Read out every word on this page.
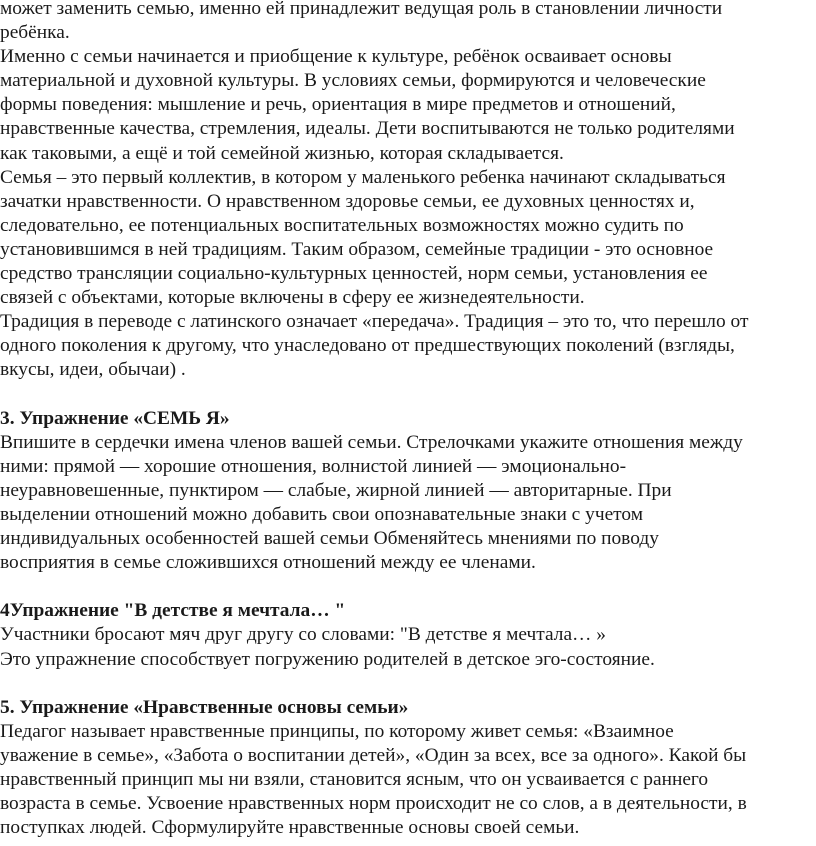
может заменить семью, именно ей принадлежит ведущая роль в становлении личности
ребёнка.
Именно с семьи начинается и приобщение к культуре, ребёнок осваивает основы
материальной и духовной культуры. В условиях семьи, формируются и человеческие
формы поведения: мышление и речь, ориентация в мире предметов и отношений,
нравственные качества, стремления, идеалы. Дети воспитываются не только родителями
как таковыми, а ещё и той семейной жизнью, которая складывается.
Семья – это первый коллектив, в котором у маленького ребенка начинают складываться
зачатки нравственности. О нравственном здоровье семьи, ее духовных ценностях и,
следовательно, ее потенциальных воспитательных возможностях можно судить по
установившимся в ней традициям. Таким образом, семейные традиции - это основное
средство трансляции социально-культурных ценностей, норм семьи, установления ее
связей с объектами, которые включены в сферу ее жизнедеятельности.
Традиция в переводе с латинского означает «передача». Традиция – это то, что перешло от
одного поколения к другому, что унаследовано от предшествующих поколений (взгляды,
вкусы, идеи, обычаи) .
3. Упражнение «СЕМЬ Я»
Впишите в сердечки имена членов вашей семьи. Стрелочками укажите отношения между
ними: прямой — хорошие отношения, волнистой линией — эмоционально-
неуравновешенные, пунктиром — слабые, жирной линией — авторитарные. При
выделении отношений можно добавить свои опознавательные знаки с учетом
индивидуальных особенностей вашей семьи Обменяйтесь мнениями по поводу
восприятия в семье сложившихся отношений между ее членами.
4Упражнение "В детстве я мечтала… "
Участники бросают мяч друг другу со словами: "В детстве я мечтала… »
Это упражнение способствует погружению родителей в детское эго-состояние.
5. Упражнение «Нравственные основы семьи»
Педагог называет нравственные принципы, по которому живет семья: «Взаимное
уважение в семье», «Забота о воспитании детей», «Один за всех, все за одного». Какой бы
нравственный принцип мы ни взяли, становится ясным, что он усваивается с раннего
возраста в семье. Усвоение нравственных норм происходит не со слов, а в деятельности, в
поступках людей. Сформулируйте нравственные основы своей семьи.
